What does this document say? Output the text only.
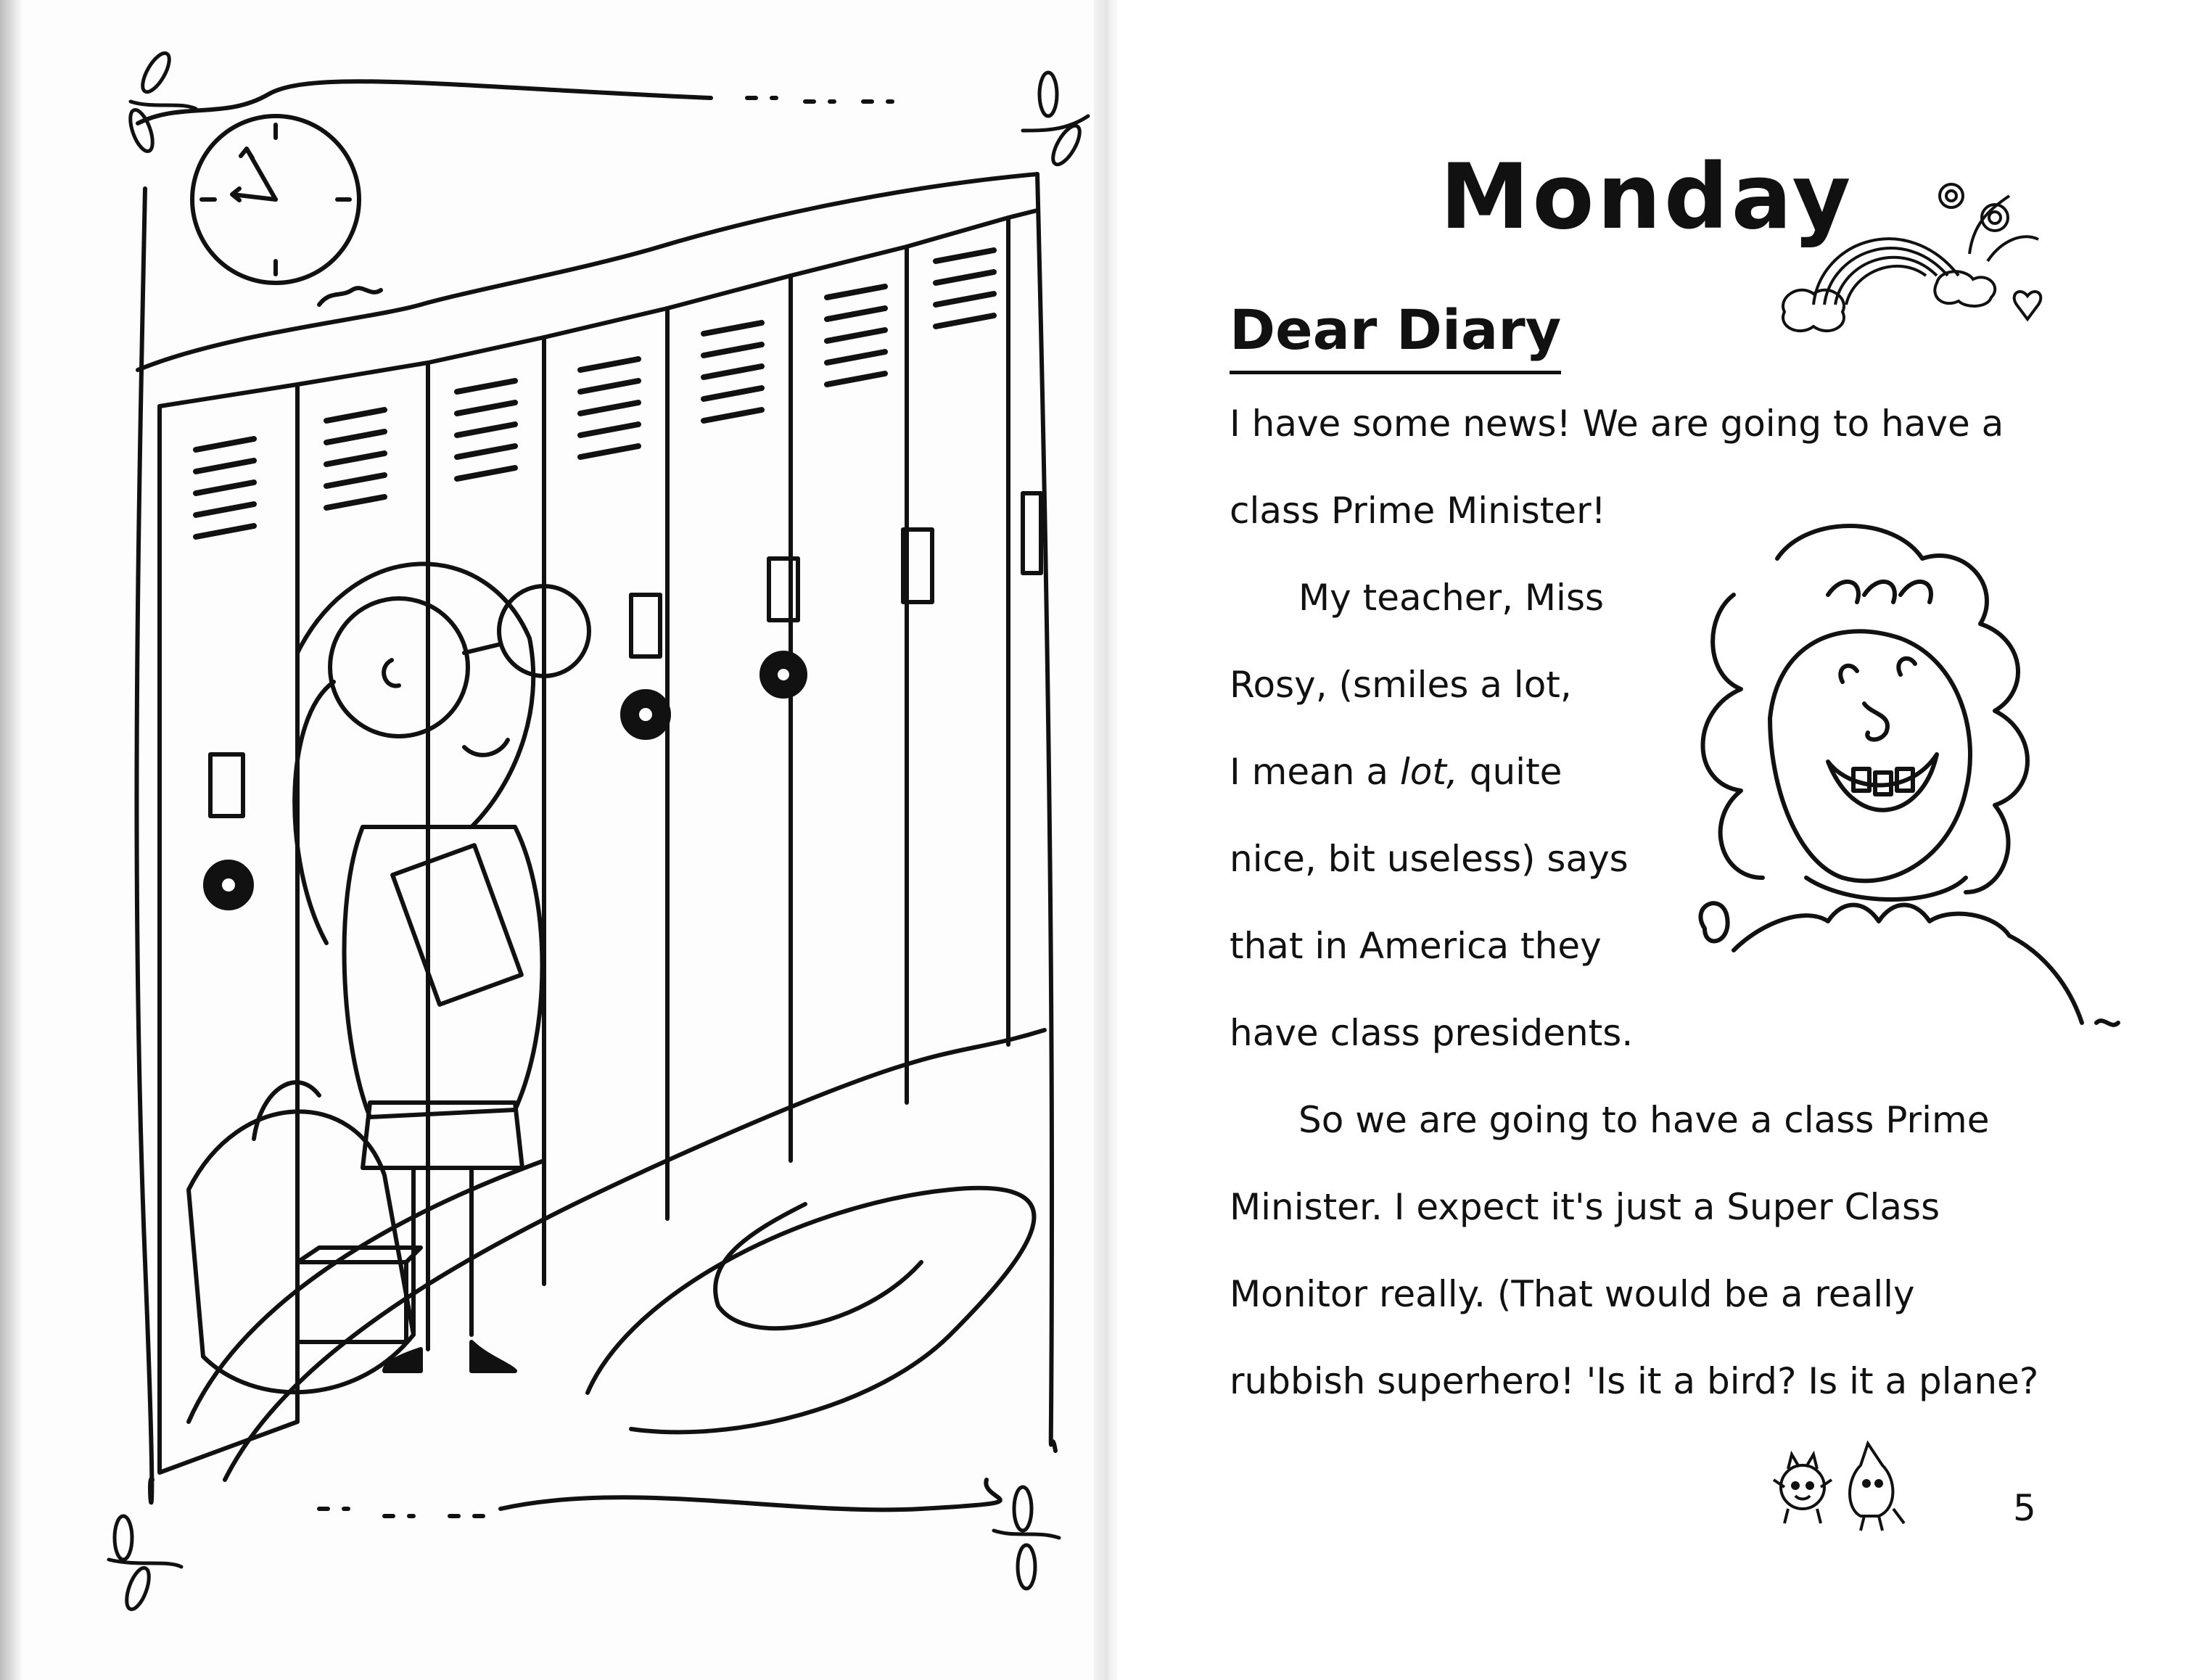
Monday
Dear Diary
I have some news! We are going to have a
class Prime Minister!
My teacher, Miss
Rosy, (smiles a lot,
I mean a lot, quite
nice, bit useless) says
that in America they
have class presidents.
So we are going to have a class Prime
Minister. I expect it's just a Super Class
Monitor really. (That would be a really
rubbish superhero! 'Is it a bird? Is it a plane?
5
